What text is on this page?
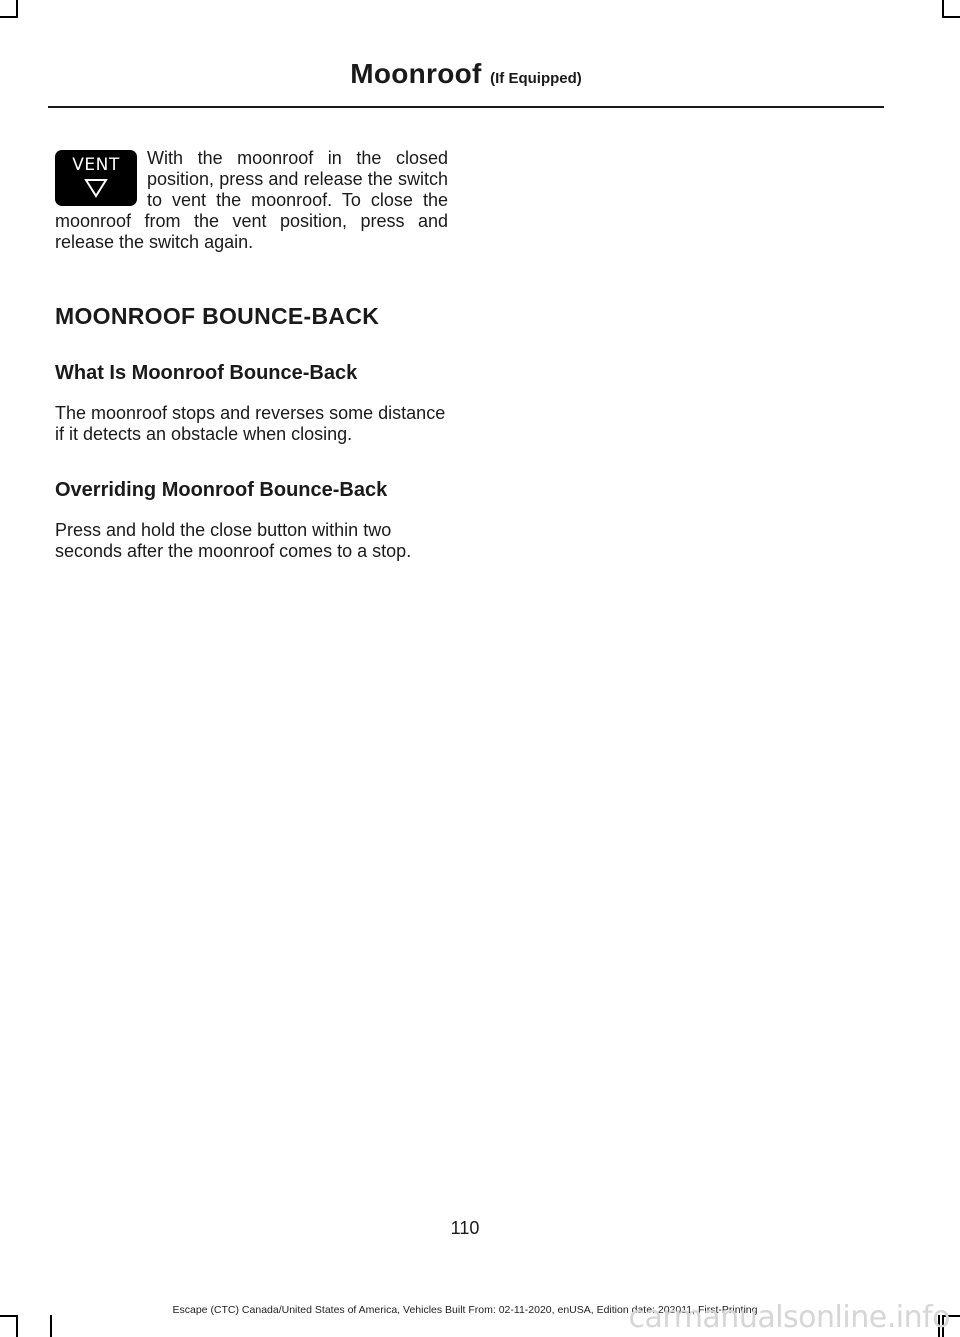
Moonroof (If Equipped)
VENT	With the moonroof in the closed position, press and release the switch to vent the moonroof. To close the moonroof from the vent position, press and release the switch again.

MOONROOF BOUNCE-BACK
What Is Moonroof Bounce-Back

The moonroof stops and reverses some distance if it detects an obstacle when closing.

Overriding Moonroof Bounce-Back

Press and hold the close button within two seconds after the moonroof comes to a stop.

110
Escape (CTC) Canada/United States of America, Vehicles Built From: 02-11-2020, enUSA, Edition date: 202011, First-Printing
carmanualsonline.info
